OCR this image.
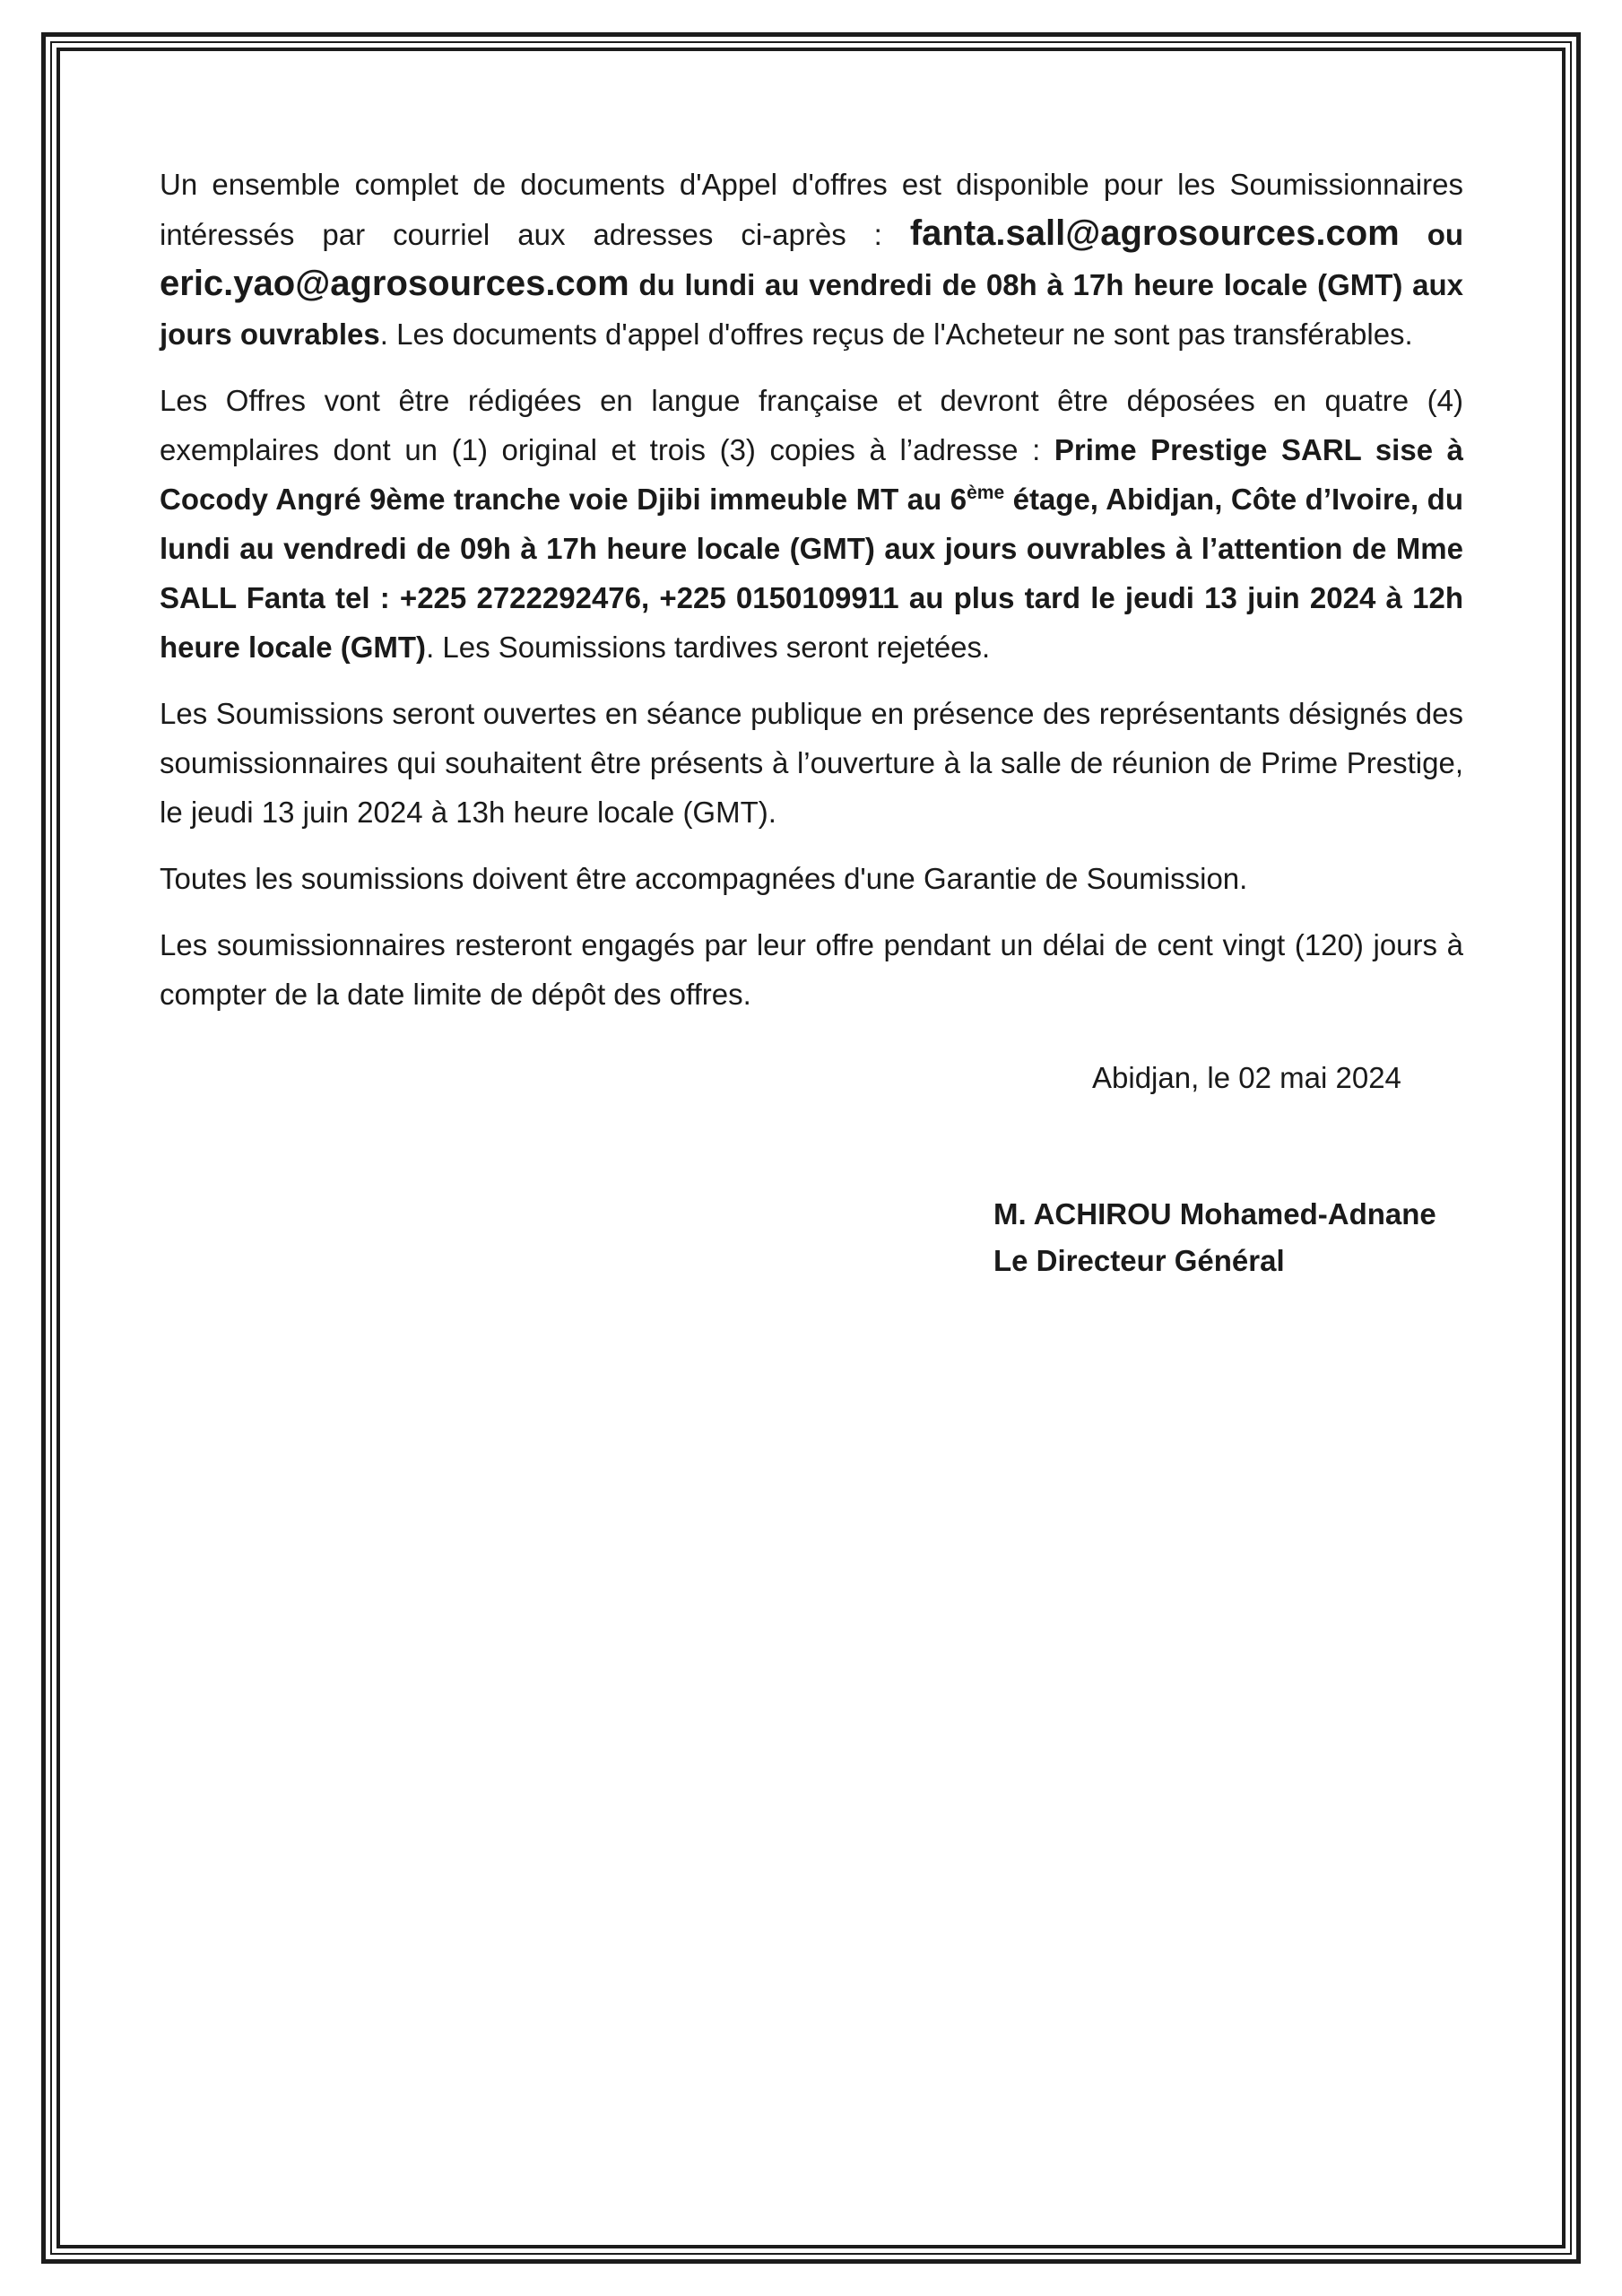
Un ensemble complet de documents d'Appel d'offres est disponible pour les Soumissionnaires intéressés par courriel aux adresses ci-après : fanta.sall@agrosources.com ou eric.yao@agrosources.com du lundi au vendredi de 08h à 17h heure locale (GMT) aux jours ouvrables. Les documents d'appel d'offres reçus de l'Acheteur ne sont pas transférables.

Les Offres vont être rédigées en langue française et devront être déposées en quatre (4) exemplaires dont un (1) original et trois (3) copies à l’adresse : Prime Prestige SARL sise à Cocody Angré 9ème tranche voie Djibi immeuble MT au 6ème étage, Abidjan, Côte d’Ivoire, du lundi au vendredi de 09h à 17h heure locale (GMT) aux jours ouvrables à l’attention de Mme SALL Fanta tel : +225 2722292476, +225 0150109911 au plus tard le jeudi 13 juin 2024 à 12h heure locale (GMT). Les Soumissions tardives seront rejetées.

Les Soumissions seront ouvertes en séance publique en présence des représentants désignés des soumissionnaires qui souhaitent être présents à l’ouverture à la salle de réunion de Prime Prestige, le jeudi 13 juin 2024 à 13h heure locale (GMT).

Toutes les soumissions doivent être accompagnées d'une Garantie de Soumission.

Les soumissionnaires resteront engagés par leur offre pendant un délai de cent vingt (120) jours à compter de la date limite de dépôt des offres.

Abidjan, le 02 mai 2024
M. ACHIROU Mohamed-Adnane
Le Directeur Général
